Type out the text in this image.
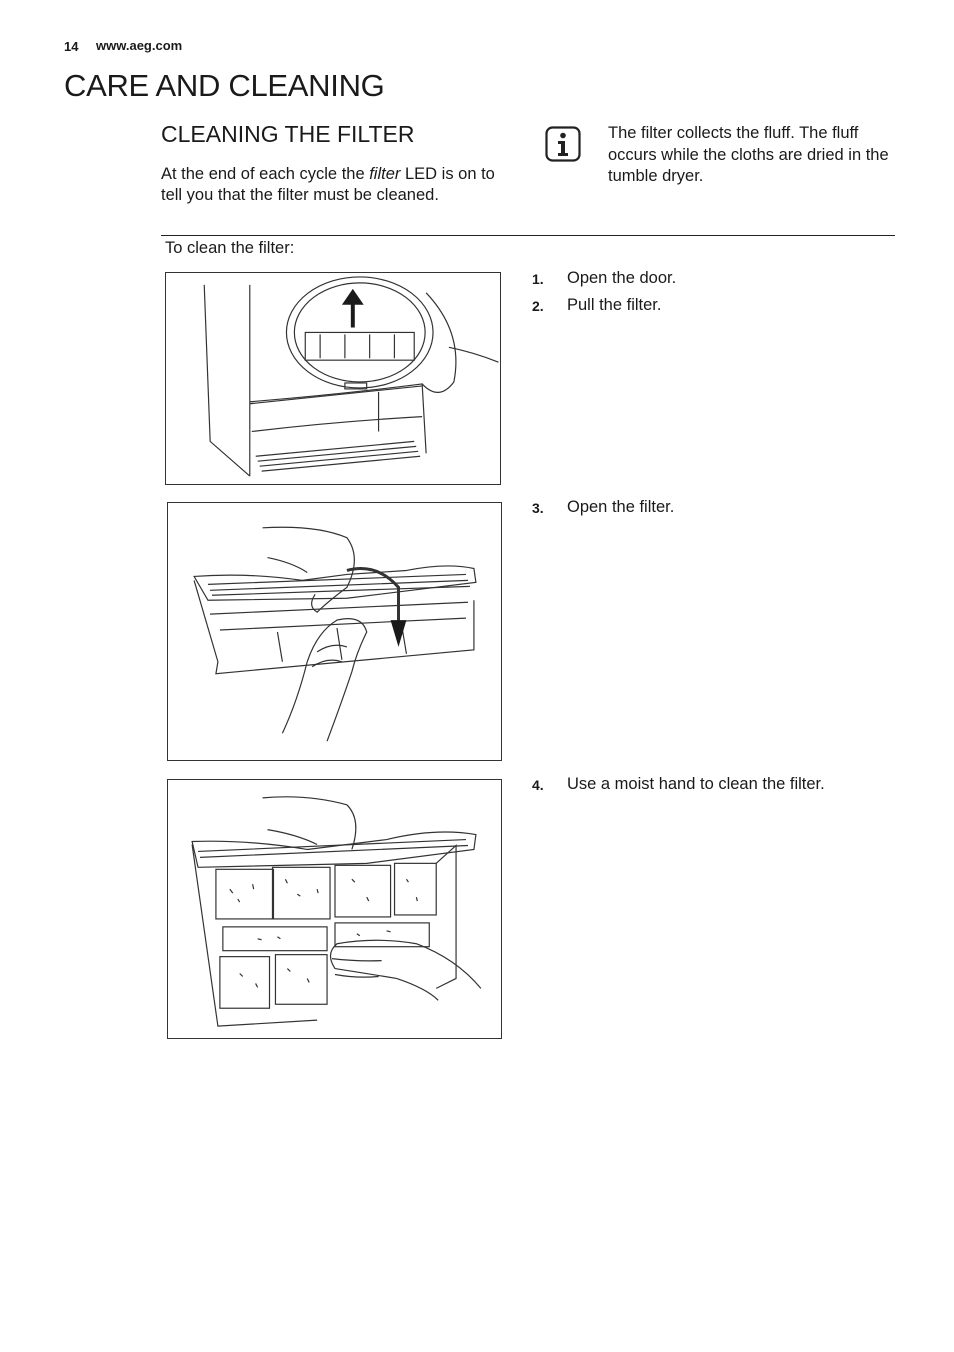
14 www.aeg.com
CARE AND CLEANING
CLEANING THE FILTER
At the end of each cycle the filter LED is on to tell you that the filter must be cleaned.
The filter collects the fluff. The fluff occurs while the cloths are dried in the tumble dryer.
To clean the filter:
1.	Open the door.
2.	Pull the filter.
3.	Open the filter.
4.	Use a moist hand to clean the filter.
